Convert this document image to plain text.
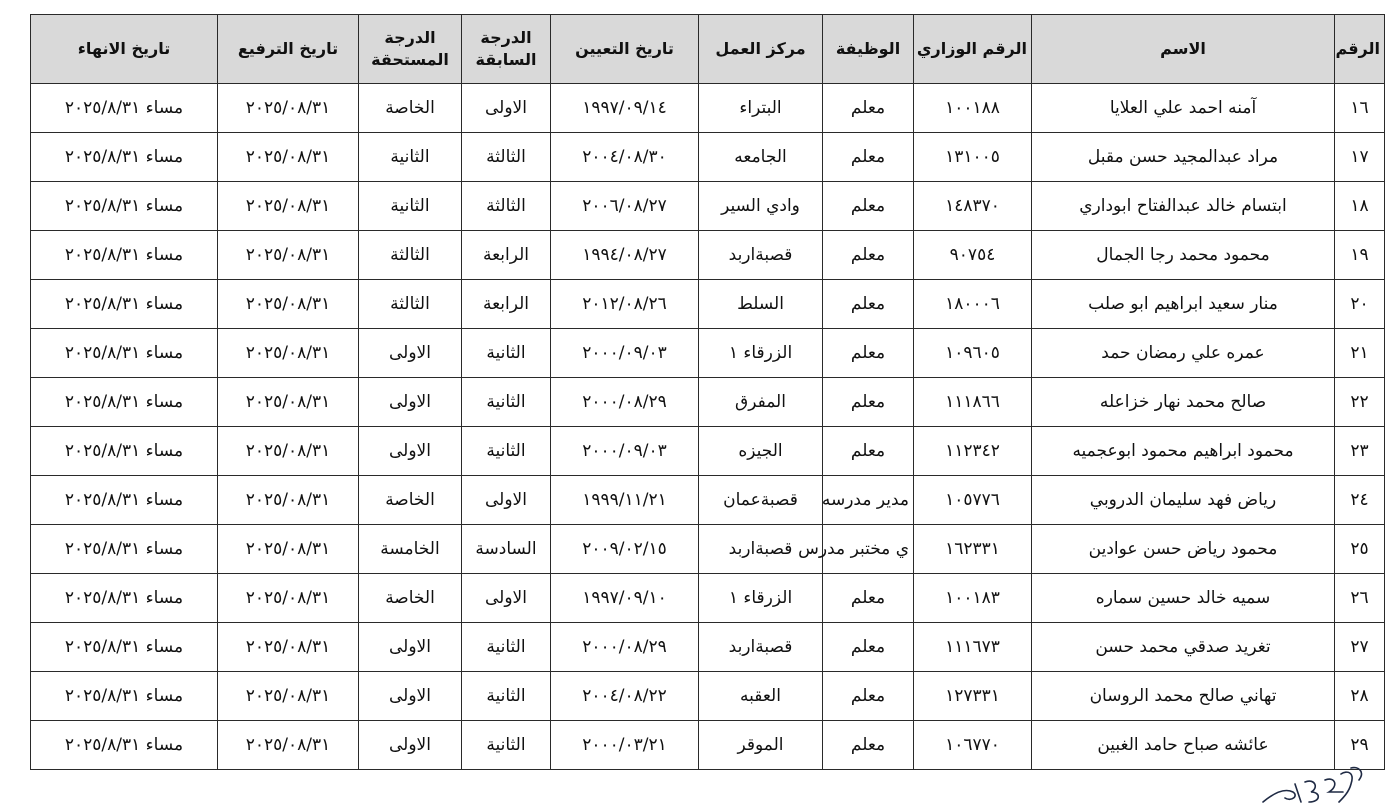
الرقم	الاسم	الرقم الوزاري	الوظيفة	مركز العمل	تاريخ التعيين	الدرجة السابقة	الدرجة المستحقة	تاريخ الترفيع	تاريخ الانهاء
١٦	آمنه احمد علي العلايا	١٠٠١٨٨	معلم	البتراء	١٩٩٧/٠٩/١٤	الاولى	الخاصة	٢٠٢٥/٠٨/٣١	مساء ٢٠٢٥/٨/٣١
١٧	مراد عبدالمجيد حسن مقبل	١٣١٠٠٥	معلم	الجامعه	٢٠٠٤/٠٨/٣٠	الثالثة	الثانية	٢٠٢٥/٠٨/٣١	مساء ٢٠٢٥/٨/٣١
١٨	ابتسام خالد عبدالفتاح ابوداري	١٤٨٣٧٠	معلم	وادي السير	٢٠٠٦/٠٨/٢٧	الثالثة	الثانية	٢٠٢٥/٠٨/٣١	مساء ٢٠٢٥/٨/٣١
١٩	محمود محمد رجا الجمال	٩٠٧٥٤	معلم	قصبةاربد	١٩٩٤/٠٨/٢٧	الرابعة	الثالثة	٢٠٢٥/٠٨/٣١	مساء ٢٠٢٥/٨/٣١
٢٠	منار سعيد ابراهيم ابو صلب	١٨٠٠٠٦	معلم	السلط	٢٠١٢/٠٨/٢٦	الرابعة	الثالثة	٢٠٢٥/٠٨/٣١	مساء ٢٠٢٥/٨/٣١
٢١	عمره علي رمضان حمد	١٠٩٦٠٥	معلم	الزرقاء ١	٢٠٠٠/٠٩/٠٣	الثانية	الاولى	٢٠٢٥/٠٨/٣١	مساء ٢٠٢٥/٨/٣١
٢٢	صالح محمد نهار خزاعله	١١١٨٦٦	معلم	المفرق	٢٠٠٠/٠٨/٢٩	الثانية	الاولى	٢٠٢٥/٠٨/٣١	مساء ٢٠٢٥/٨/٣١
٢٣	محمود ابراهيم محمود ابوعجميه	١١٢٣٤٢	معلم	الجيزه	٢٠٠٠/٠٩/٠٣	الثانية	الاولى	٢٠٢٥/٠٨/٣١	مساء ٢٠٢٥/٨/٣١
٢٤	رياض فهد سليمان الدروبي	١٠٥٧٧٦	مدير مدرسه	قصبةعمان	١٩٩٩/١١/٢١	الاولى	الخاصة	٢٠٢٥/٠٨/٣١	مساء ٢٠٢٥/٨/٣١
٢٥	محمود رياض حسن عوادين	١٦٢٣٣١	ي مختبر مدرس	قصبةاربد	٢٠٠٩/٠٢/١٥	السادسة	الخامسة	٢٠٢٥/٠٨/٣١	مساء ٢٠٢٥/٨/٣١
٢٦	سميه خالد حسين سماره	١٠٠١٨٣	معلم	الزرقاء ١	١٩٩٧/٠٩/١٠	الاولى	الخاصة	٢٠٢٥/٠٨/٣١	مساء ٢٠٢٥/٨/٣١
٢٧	تغريد صدقي محمد حسن	١١١٦٧٣	معلم	قصبةاربد	٢٠٠٠/٠٨/٢٩	الثانية	الاولى	٢٠٢٥/٠٨/٣١	مساء ٢٠٢٥/٨/٣١
٢٨	تهاني صالح محمد الروسان	١٢٧٣٣١	معلم	العقبه	٢٠٠٤/٠٨/٢٢	الثانية	الاولى	٢٠٢٥/٠٨/٣١	مساء ٢٠٢٥/٨/٣١
٢٩	عائشه صباح حامد الغبين	١٠٦٧٧٠	معلم	الموقر	٢٠٠٠/٠٣/٢١	الثانية	الاولى	٢٠٢٥/٠٨/٣١	مساء ٢٠٢٥/٨/٣١
